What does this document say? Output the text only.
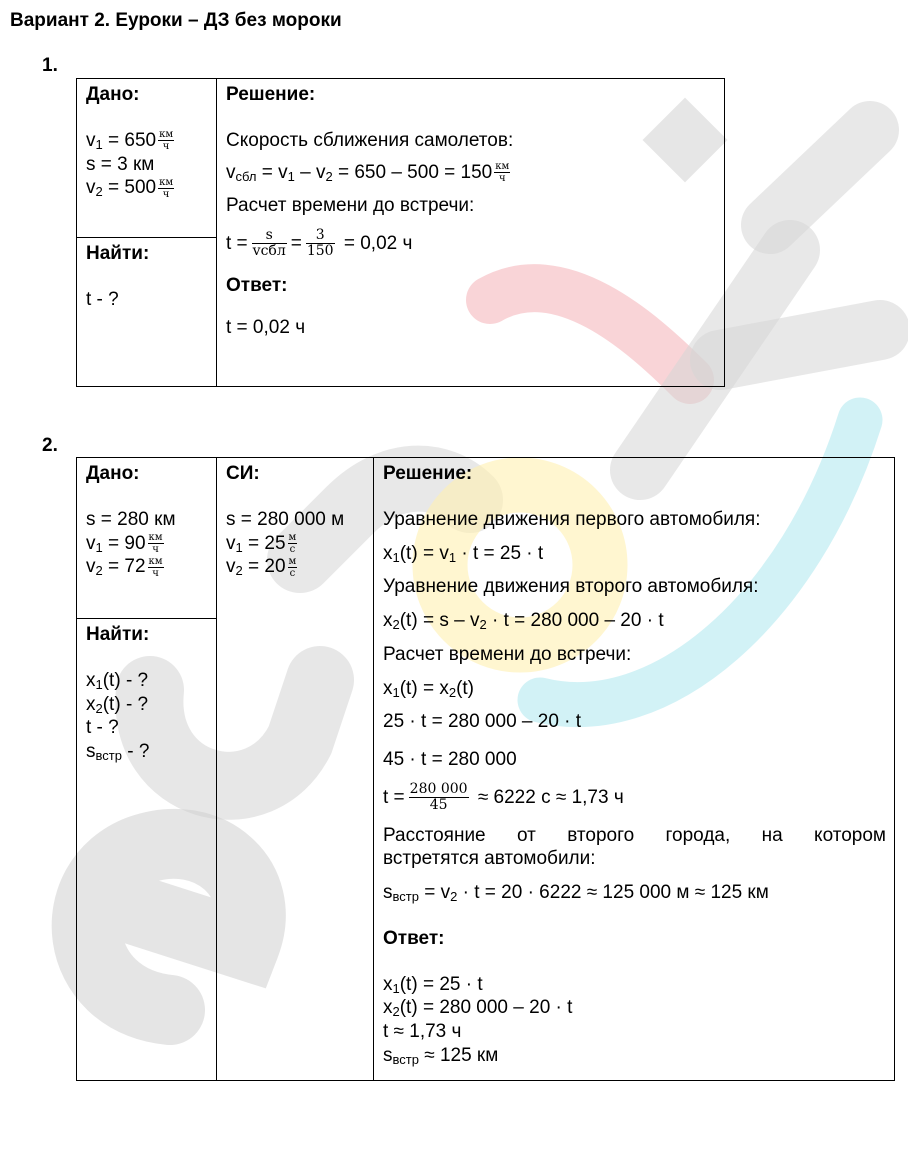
Вариант 2. Еуроки – ДЗ без мороки
1.
Дано:
$v_1 = 650 \frac{км}{ч}$
s = 3 км
$v_2 = 500 \frac{км}{ч}$

Решение:
Скорость сближения самолетов:
$v_{сбл} = v_1 - v_2 = 650 - 500 = 150 \frac{км}{ч}$
Расчет времени до встречи:
$t = \frac{s}{\text{vсбл}} = \frac{3}{150} = 0,02$ ч
Ответ:
t = 0,02 ч

Найти:
t - ?
2.
Дано:
s = 280 км
$v_1 = 90 \frac{км}{ч}$
$v_2 = 72 \frac{км}{ч}$

СИ:
s = 280 000 м
$v_1 = 25 \frac{м}{с}$
$v_2 = 20 \frac{м}{с}$

Решение:
Уравнение движения первого автомобиля:
$x_1(t) = v_1 \cdot t = 25 \cdot t$
Уравнение движения второго автомобиля:
$x_2(t) = s - v_2 \cdot t = 280$ 000 – 20 · t
Расчет времени до встречи:
$x_1(t) = x_2(t)$
25 · t = 280 000 – 20 · t
45 · t = 280 000
$t = \frac{280 000}{45} \approx 6222$ с ≈ 1,73 ч
Расстояние от второго города, на котором
встретятся автомобили:
$s_{встр} = v_2 \cdot t = 20 \cdot 6222 \approx 125$ 000 м ≈ 125 км
Ответ:
$x_1(t) = 25 \cdot t$
$x_2(t) = 280$ 000 – 20 · t
t ≈ 1,73 ч
$s_{встр} \approx 125$ км

Найти:
$x_1(t)$ - ?
$x_2(t)$ - ?
t - ?
$s_{встр}$ - ?
